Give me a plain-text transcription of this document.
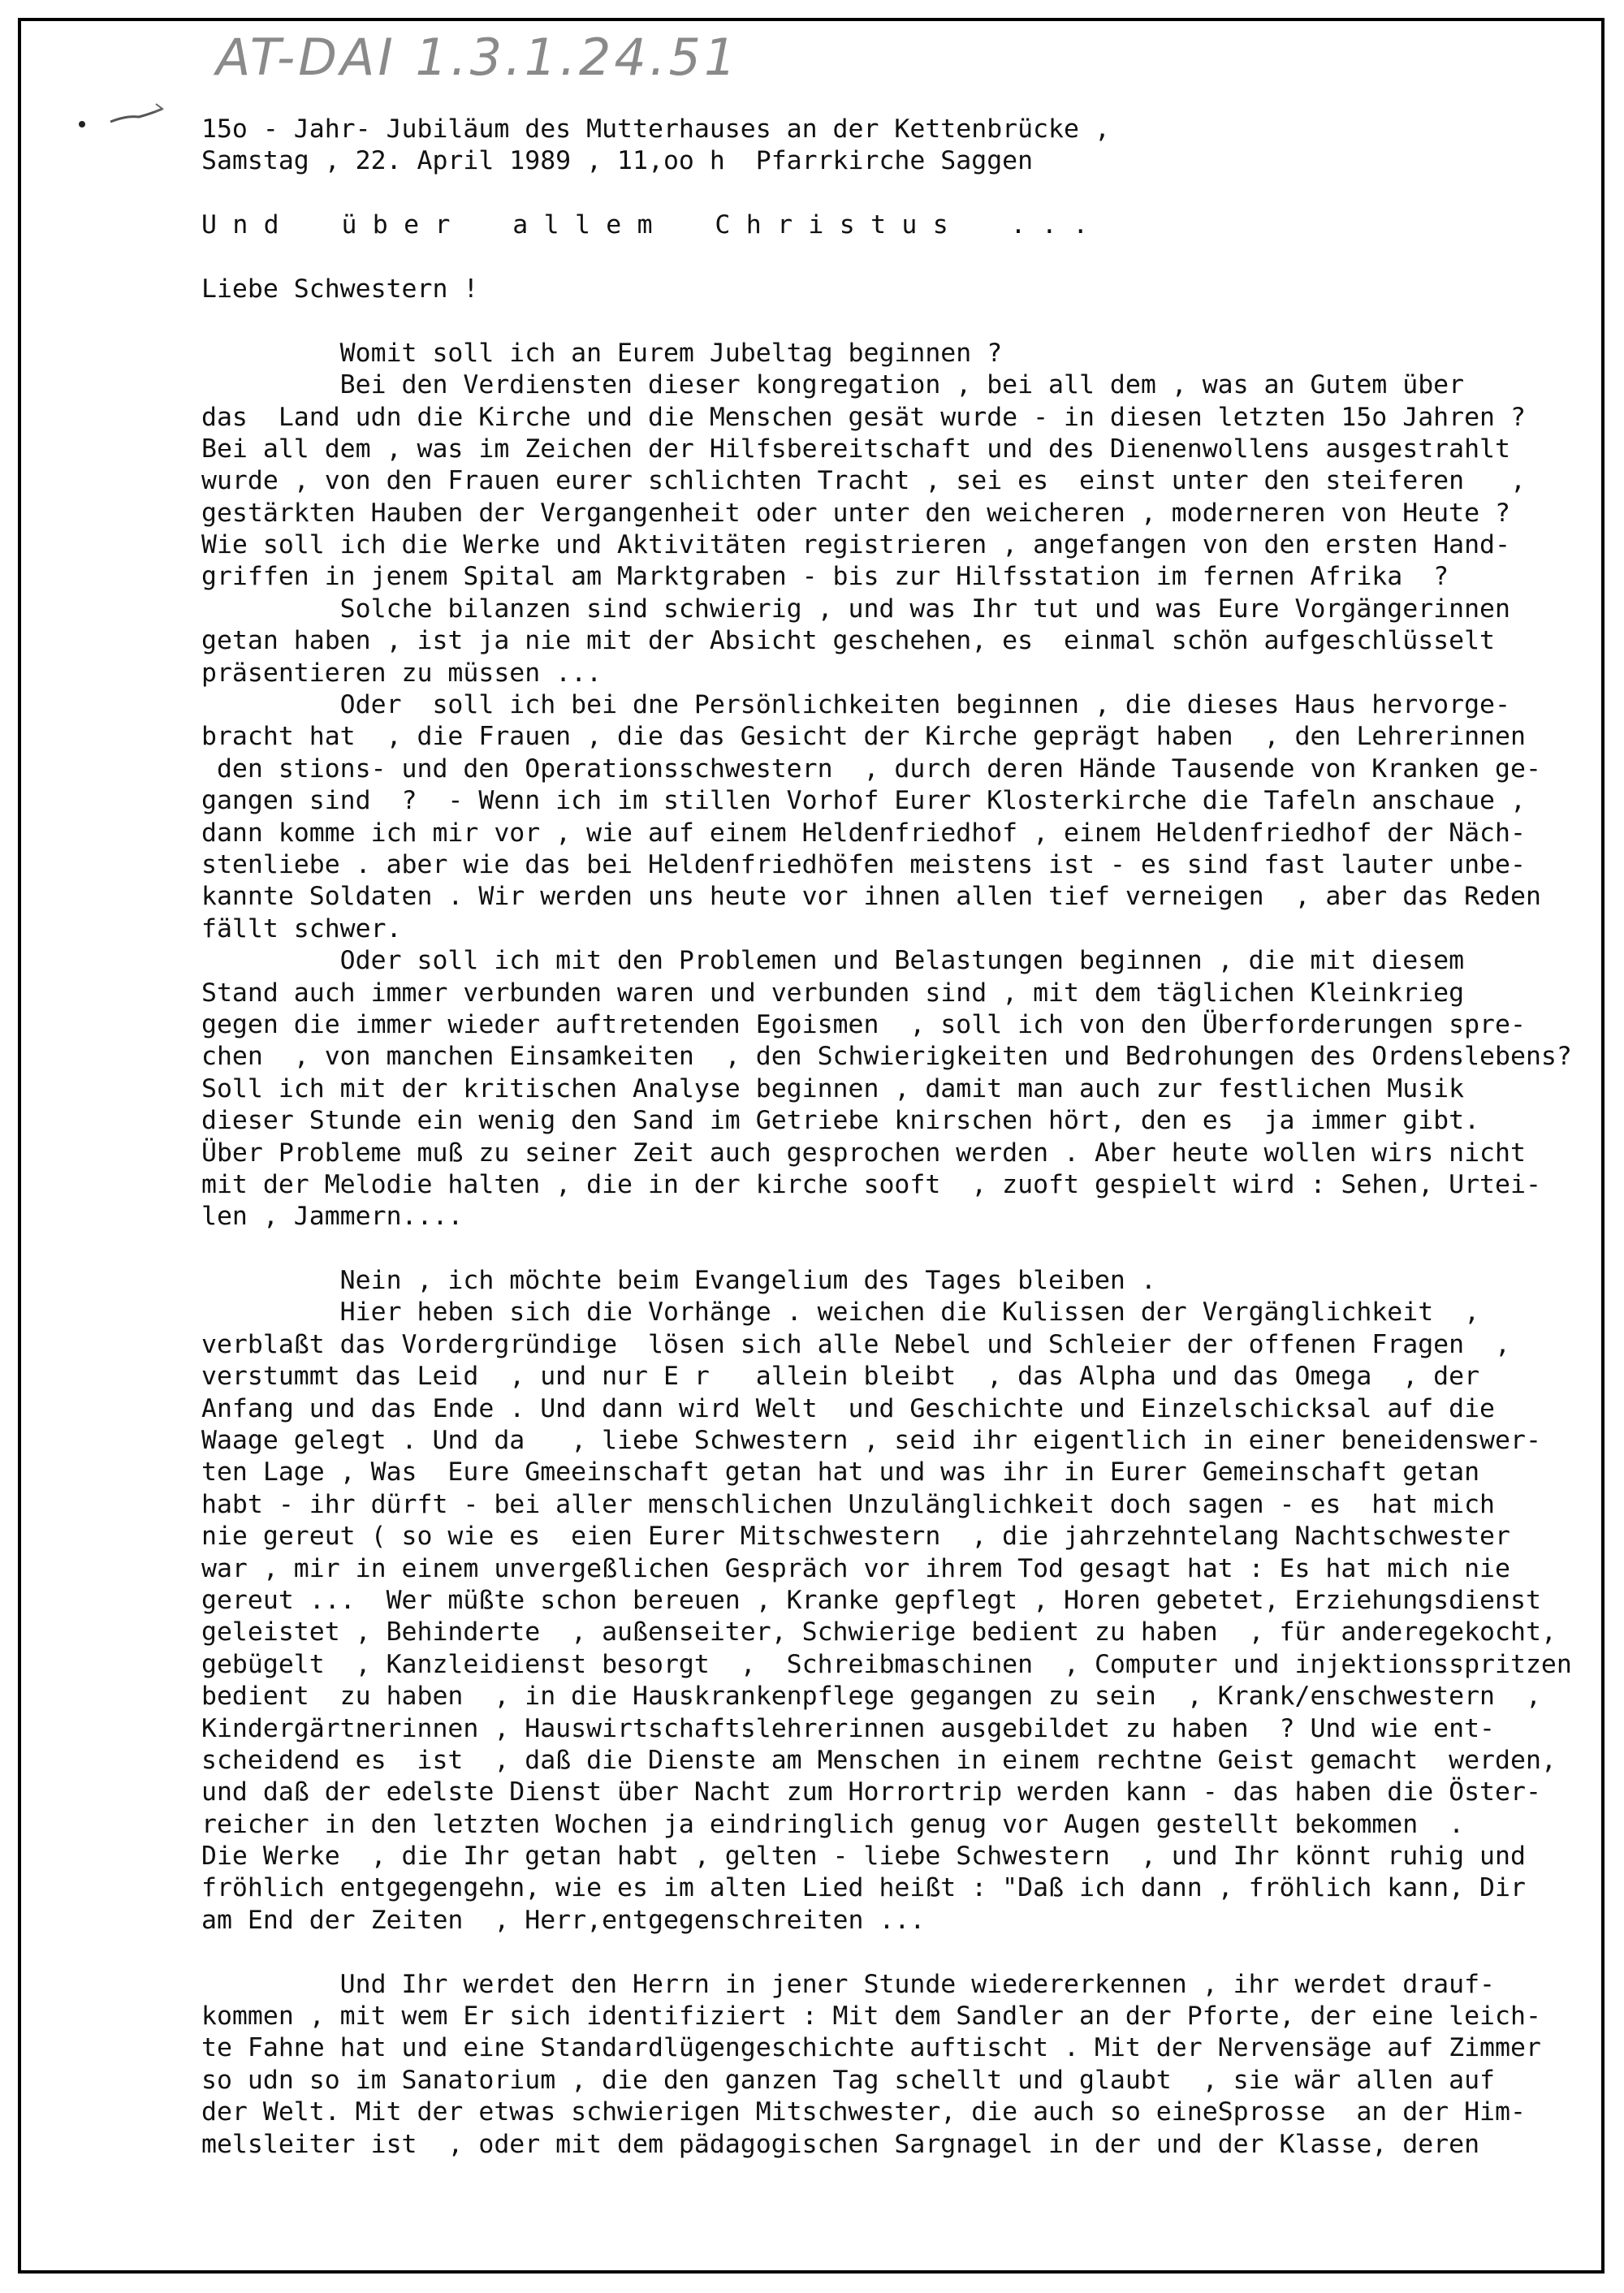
AT-DAI 1.3.1.24.51
15o - Jahr- Jubiläum des Mutterhauses an der Kettenbrücke ,
Samstag , 22. April 1989 , 11,oo h  Pfarrkirche Saggen
U n d    ü b e r    a l l e m    C h r i s t u s    . . .
Liebe Schwestern !
Womit soll ich an Eurem Jubeltag beginnen ?
Bei den Verdiensten dieser kongregation , bei all dem , was an Gutem über
das  Land udn die Kirche und die Menschen gesät wurde - in diesen letzten 15o Jahren ?
Bei all dem , was im Zeichen der Hilfsbereitschaft und des Dienenwollens ausgestrahlt
wurde , von den Frauen eurer schlichten Tracht , sei es  einst unter den steiferen   ,
gestärkten Hauben der Vergangenheit oder unter den weicheren , moderneren von Heute ?
Wie soll ich die Werke und Aktivitäten registrieren , angefangen von den ersten Hand-
griffen in jenem Spital am Marktgraben - bis zur Hilfsstation im fernen Afrika  ?
Solche bilanzen sind schwierig , und was Ihr tut und was Eure Vorgängerinnen
getan haben , ist ja nie mit der Absicht geschehen, es  einmal schön aufgeschlüsselt
präsentieren zu müssen ...
Oder  soll ich bei dne Persönlichkeiten beginnen , die dieses Haus hervorge-
bracht hat  , die Frauen , die das Gesicht der Kirche geprägt haben  , den Lehrerinnen
den stions- und den Operationsschwestern  , durch deren Hände Tausende von Kranken ge-
gangen sind  ?  - Wenn ich im stillen Vorhof Eurer Klosterkirche die Tafeln anschaue ,
dann komme ich mir vor , wie auf einem Heldenfriedhof , einem Heldenfriedhof der Näch-
stenliebe . aber wie das bei Heldenfriedhöfen meistens ist - es sind fast lauter unbe-
kannte Soldaten . Wir werden uns heute vor ihnen allen tief verneigen  , aber das Reden
fällt schwer.
Oder soll ich mit den Problemen und Belastungen beginnen , die mit diesem
Stand auch immer verbunden waren und verbunden sind , mit dem täglichen Kleinkrieg
gegen die immer wieder auftretenden Egoismen  , soll ich von den Überforderungen spre-
chen  , von manchen Einsamkeiten  , den Schwierigkeiten und Bedrohungen des Ordenslebens?
Soll ich mit der kritischen Analyse beginnen , damit man auch zur festlichen Musik
dieser Stunde ein wenig den Sand im Getriebe knirschen hört, den es  ja immer gibt.
Über Probleme muß zu seiner Zeit auch gesprochen werden . Aber heute wollen wirs nicht
mit der Melodie halten , die in der kirche sooft  , zuoft gespielt wird : Sehen, Urtei-
len , Jammern....
Nein , ich möchte beim Evangelium des Tages bleiben .
Hier heben sich die Vorhänge . weichen die Kulissen der Vergänglichkeit  ,
verblaßt das Vordergründige  lösen sich alle Nebel und Schleier der offenen Fragen  ,
verstummt das Leid  , und nur E r   allein bleibt  , das Alpha und das Omega  , der
Anfang und das Ende . Und dann wird Welt  und Geschichte und Einzelschicksal auf die
Waage gelegt . Und da   , liebe Schwestern , seid ihr eigentlich in einer beneidenswer-
ten Lage , Was  Eure Gmeeinschaft getan hat und was ihr in Eurer Gemeinschaft getan
habt - ihr dürft - bei aller menschlichen Unzulänglichkeit doch sagen - es  hat mich
nie gereut ( so wie es  eien Eurer Mitschwestern  , die jahrzehntelang Nachtschwester
war , mir in einem unvergeßlichen Gespräch vor ihrem Tod gesagt hat : Es hat mich nie
gereut ...  Wer müßte schon bereuen , Kranke gepflegt , Horen gebetet, Erziehungsdienst
geleistet , Behinderte  , außenseiter, Schwierige bedient zu haben  , für anderegekocht,
gebügelt  , Kanzleidienst besorgt  ,  Schreibmaschinen  , Computer und injektionsspritzen
bedient  zu haben  , in die Hauskrankenpflege gegangen zu sein  , Krank/enschwestern  ,
Kindergärtnerinnen , Hauswirtschaftslehrerinnen ausgebildet zu haben  ? Und wie ent-
scheidend es  ist  , daß die Dienste am Menschen in einem rechtne Geist gemacht  werden,
und daß der edelste Dienst über Nacht zum Horrortrip werden kann - das haben die Öster-
reicher in den letzten Wochen ja eindringlich genug vor Augen gestellt bekommen  .
Die Werke  , die Ihr getan habt , gelten - liebe Schwestern  , und Ihr könnt ruhig und
fröhlich entgegengehn, wie es im alten Lied heißt : "Daß ich dann , fröhlich kann, Dir
am End der Zeiten  , Herr,entgegenschreiten ...
Und Ihr werdet den Herrn in jener Stunde wiedererkennen , ihr werdet drauf-
kommen , mit wem Er sich identifiziert : Mit dem Sandler an der Pforte, der eine leich-
te Fahne hat und eine Standardlügengeschichte auftischt . Mit der Nervensäge auf Zimmer
so udn so im Sanatorium , die den ganzen Tag schellt und glaubt  , sie wär allen auf
der Welt. Mit der etwas schwierigen Mitschwester, die auch so eineSprosse  an der Him-
melsleiter ist  , oder mit dem pädagogischen Sargnagel in der und der Klasse, deren
